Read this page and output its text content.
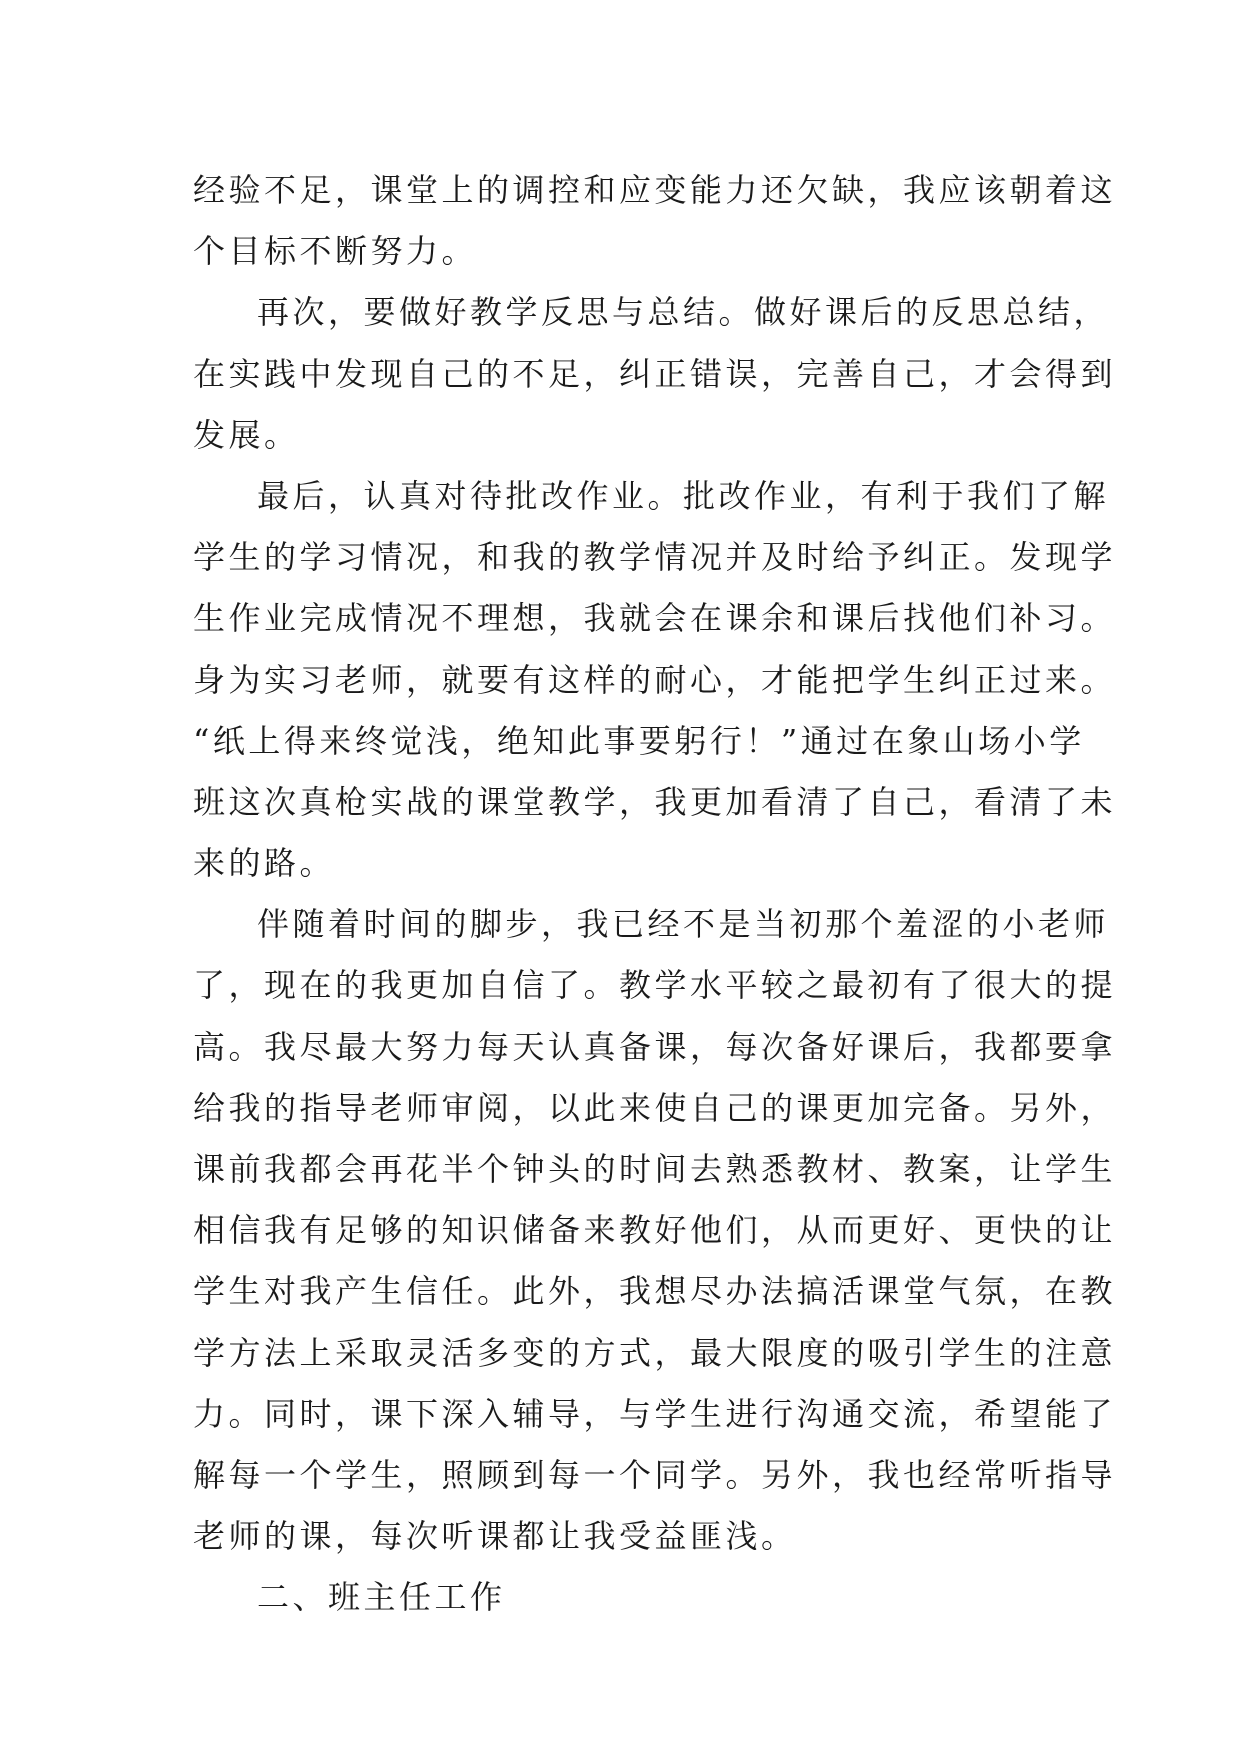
经验不足，课堂上的调控和应变能力还欠缺，我应该朝着这
个目标不断努力。
再次，要做好教学反思与总结。做好课后的反思总结，
在实践中发现自己的不足，纠正错误，完善自己，才会得到
发展。
最后，认真对待批改作业。批改作业，有利于我们了解
学生的学习情况，和我的教学情况并及时给予纠正。发现学
生作业完成情况不理想，我就会在课余和课后找他们补习。
身为实习老师，就要有这样的耐心，才能把学生纠正过来。
“纸上得来终觉浅，绝知此事要躬行！”通过在象山场小学
班这次真枪实战的课堂教学，我更加看清了自己，看清了未
来的路。
伴随着时间的脚步，我已经不是当初那个羞涩的小老师
了，现在的我更加自信了。教学水平较之最初有了很大的提
高。我尽最大努力每天认真备课，每次备好课后，我都要拿
给我的指导老师审阅，以此来使自己的课更加完备。另外，
课前我都会再花半个钟头的时间去熟悉教材、教案，让学生
相信我有足够的知识储备来教好他们，从而更好、更快的让
学生对我产生信任。此外，我想尽办法搞活课堂气氛，在教
学方法上采取灵活多变的方式，最大限度的吸引学生的注意
力。同时，课下深入辅导，与学生进行沟通交流，希望能了
解每一个学生，照顾到每一个同学。另外，我也经常听指导
老师的课，每次听课都让我受益匪浅。
二、班主任工作
